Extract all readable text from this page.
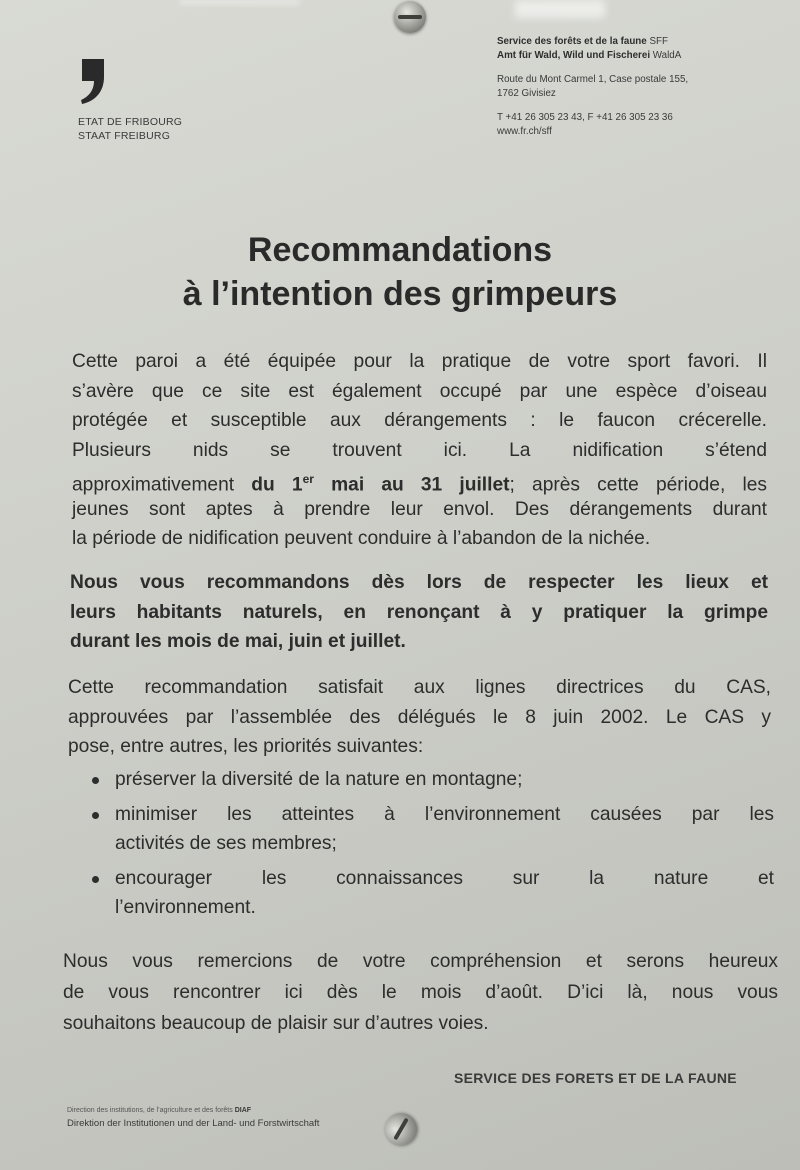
ETAT DE FRIBOURG
STAAT FREIBURG
Service des forêts et de la faune SFF
Amt für Wald, Wild und Fischerei WaldA
Route du Mont Carmel 1, Case postale 155,
1762 Givisiez
T +41 26 305 23 43, F +41 26 305 23 36
www.fr.ch/sff
Recommandations
à l’intention des grimpeurs
Cette paroi a été équipée pour la pratique de votre sport favori. Il
s’avère que ce site est également occupé par une espèce d’oiseau
protégée et susceptible aux dérangements : le faucon crécerelle.
Plusieurs nids se trouvent ici. La nidification s’étend
approximativement du 1er mai au 31 juillet; après cette période, les
jeunes sont aptes à prendre leur envol. Des dérangements durant
la période de nidification peuvent conduire à l’abandon de la nichée.
Nous vous recommandons dès lors de respecter les lieux et
leurs habitants naturels, en renonçant à y pratiquer la grimpe
durant les mois de mai, juin et juillet.
Cette recommandation satisfait aux lignes directrices du CAS,
approuvées par l’assemblée des délégués le 8 juin 2002. Le CAS y
pose, entre autres, les priorités suivantes:
préserver la diversité de la nature en montagne;
minimiser les atteintes à l’environnement causées par les
activités de ses membres;
encourager les connaissances sur la nature et
l’environnement.
Nous vous remercions de votre compréhension et serons heureux
de vous rencontrer ici dès le mois d’août. D’ici là, nous vous
souhaitons beaucoup de plaisir sur d’autres voies.
SERVICE DES FORETS ET DE LA FAUNE
Direction des institutions, de l’agriculture et des forêts DIAF
Direktion der Institutionen und der Land- und Forstwirtschaft
